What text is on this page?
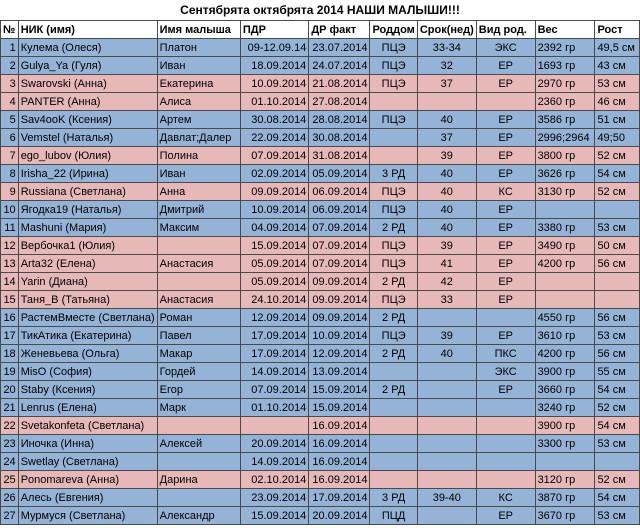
Сентябрята октябрята 2014 НАШИ МАЛЫШИ!!!
№	НИК (имя)	Имя малыша	ПДР	ДР факт	Роддом	Срок(нед)	Вид род.	Вес	Рост
1	Кулема (Олеся)	Платон	09-12.09.14	23.07.2014	ПЦЭ	33-34	ЭКС	2392 гр	49,5 см
2	Gulya_Ya (Гуля)	Иван	18.09.2014	24.07.2014	ПЦЭ	32	ЕР	1693 гр	43 см
3	Swarovski (Анна)	Екатерина	10.09.2014	21.08.2014	ПЦЭ	37	ЕР	2970 гр	53 см
4	PANTER (Анна)	Алиса	01.10.2014	27.08.2014				2360 гр	46 см
5	Sav4ooK (Ксения)	Артем	30.08.2014	28.08.2014	ПЦЭ	40	ЕР	3586 гр	51 см
6	Vemstel (Наталья)	Давлат;Далер	22.09.2014	30.08.2014		37	ЕР	2996;2964	49;50
7	ego_lubov (Юлия)	Полина	07.09.2014	31.08.2014		39	ЕР	3800 гр	52 см
8	Irisha_22 (Ирина)	Иван	02.09.2014	05.09.2014	3 РД	40	ЕР	3626 гр	54 см
9	Russiana (Светлана)	Анна	09.09.2014	06.09.2014	ПЦЭ	40	КС	3130 гр	52 см
10	Ягодка19 (Наталья)	Дмитрий	10.09.2014	06.09.2014	ПЦЭ	40	ЕР		
11	Mashuni (Мария)	Максим	04.09.2014	07.09.2014	2 РД	40	ЕР	3380 гр	53 см
12	Вербочка1 (Юлия)		15.09.2014	07.09.2014	ПЦЭ	39	ЕР	3490 гр	50 см
13	Arta32 (Елена)	Анастасия	05.09.2014	07.09.2014	ПЦЭ	41	ЕР	4200 гр	56 см
14	Yarin (Диана)		05.09.2014	09.09.2014	2 РД	42	ЕР		
15	Таня_В (Татьяна)	Анастасия	24.10.2014	09.09.2014	ПЦЭ	33	ЕР		
16	РастемВместе (Светлана)	Роман	12.09.2014	09.09.2014	2 РД			4550 гр	56 см
17	ТикАтика (Екатерина)	Павел	17.09.2014	10.09.2014	ПЦЭ	39	ЕР	3610 гр	53 см
18	Женевьева (Ольга)	Макар	17.09.2014	12.09.2014	2 РД	40	ПКС	4200 гр	56 см
19	MisO (София)	Гордей	14.09.2014	13.09.2014			ЭКС	3900 гр	55 см
20	Staby (Ксения)	Егор	07.09.2014	15.09.2014	2 РД		ЕР	3660 гр	54 см
21	Lenrus (Елена)	Марк	01.10.2014	15.09.2014				3240 гр	52 см
22	Svetakonfeta (Светлана)			16.09.2014				3900 гр	54 см
23	Иночка (Инна)	Алексей	20.09.2014	16.09.2014				3300 гр	53 см
24	Swetlay (Светлана)		14.09.2014	16.09.2014					
25	Ponomareva (Анна)	Дарина	02.10.2014	16.09.2014				3120 гр	52 см
26	Алесь (Евгения)		23.09.2014	17.09.2014	3 РД	39-40	КС	3870 гр	54 см
27	Мурмуся (Светлана)	Александр	15.09.2014	20.09.2014	ПЦД		ЕР	3670 гр	53 см
